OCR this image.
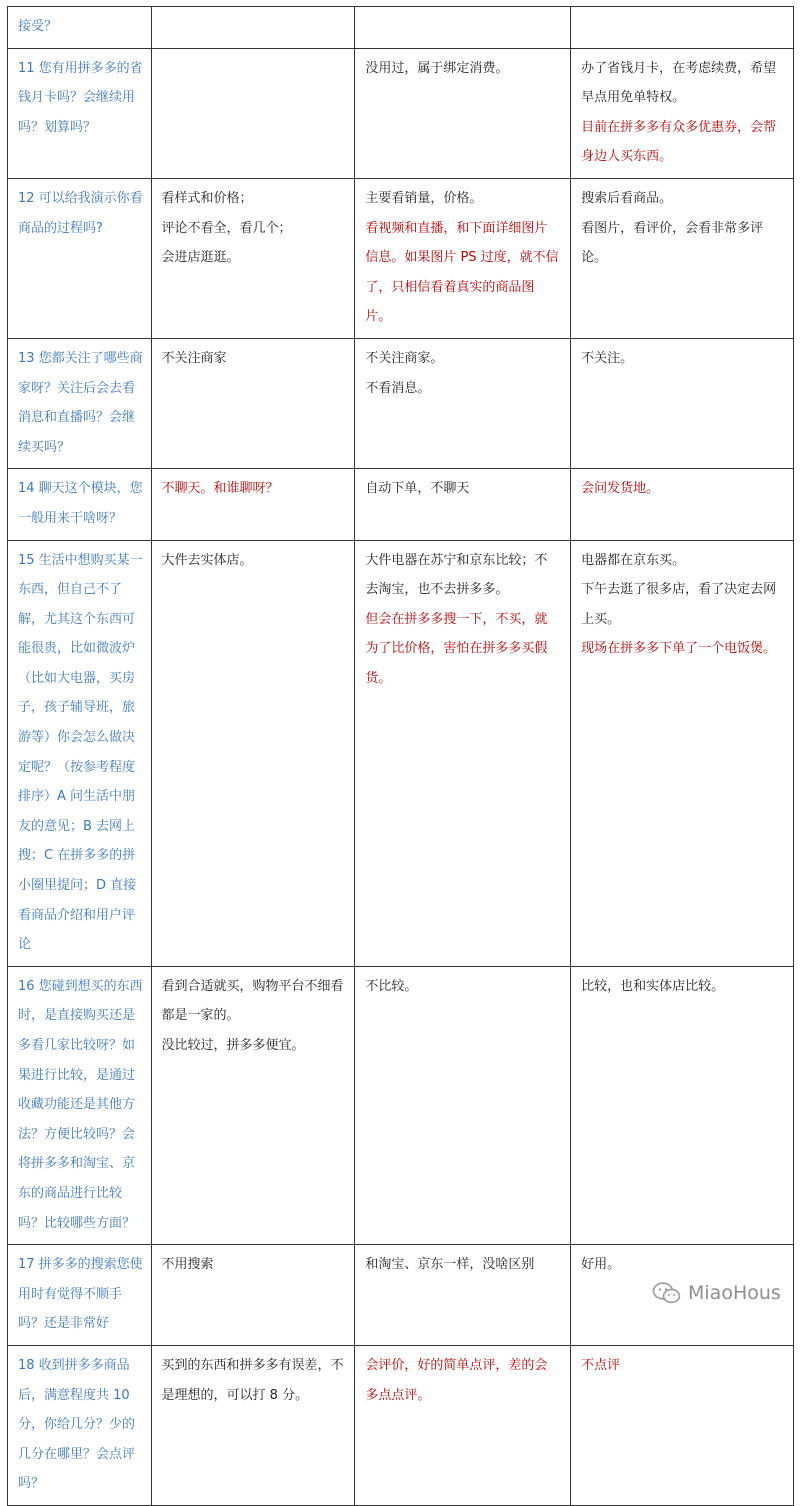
接受？			
11 您有用拼多多的省钱月卡吗？会继续用吗？划算吗？		没用过，属于绑定消费。	办了省钱月卡，在考虑续费，希望早点用免单特权。
目前在拼多多有众多优惠券，会帮身边人买东西。

12 可以给我演示你看商品的过程吗?	看样式和价格；
评论不看全，看几个；
会进店逛逛。	主要看销量，价格。
看视频和直播，和下面详细图片信息。如果图片 PS 过度，就不信了，只相信看着真实的商品图片。	搜索后看商品。
看图片，看评价，会看非常多评论。

13 您都关注了哪些商家呀？关注后会去看消息和直播吗？会继续买吗？	不关注商家	不关注商家。
不看消息。	不关注。

14 聊天这个模块，您一般用来干啥呀？	不聊天。和谁聊呀？	自动下单，不聊天	会问发货地。

15 生活中想购买某一东西，但自己不了解，尤其这个东西可能很贵，比如微波炉（比如大电器，买房子，孩子辅导班，旅游等）你会怎么做决定呢？（按参考程度排序）A 问生活中朋友的意见；B 去网上搜；C 在拼多多的拼小圈里提问；D 直接看商品介绍和用户评论	大件去实体店。	大件电器在苏宁和京东比较；不去淘宝，也不去拼多多。
但会在拼多多搜一下，不买，就为了比价格，害怕在拼多多买假货。	电器都在京东买。
下午去逛了很多店，看了决定去网上买。
现场在拼多多下单了一个电饭煲。

16 您碰到想买的东西时，是直接购买还是多看几家比较呀？如果进行比较，是通过收藏功能还是其他方法？方便比较吗？会将拼多多和淘宝、京东的商品进行比较吗？比较哪些方面？	看到合适就买，购物平台不细看都是一家的。
没比较过，拼多多便宜。	不比较。	比较，也和实体店比较。

17 拼多多的搜索您使用时有觉得不顺手吗？还是非常好	不用搜索	和淘宝、京东一样，没啥区别	好用。

18 收到拼多多商品后，满意程度共 10 分，你给几分？少的几分在哪里？会点评吗？	买到的东西和拼多多有误差，不是理想的，可以打 8 分。	会评价，好的简单点评，差的会多点点评。	不点评
MiaoHous
